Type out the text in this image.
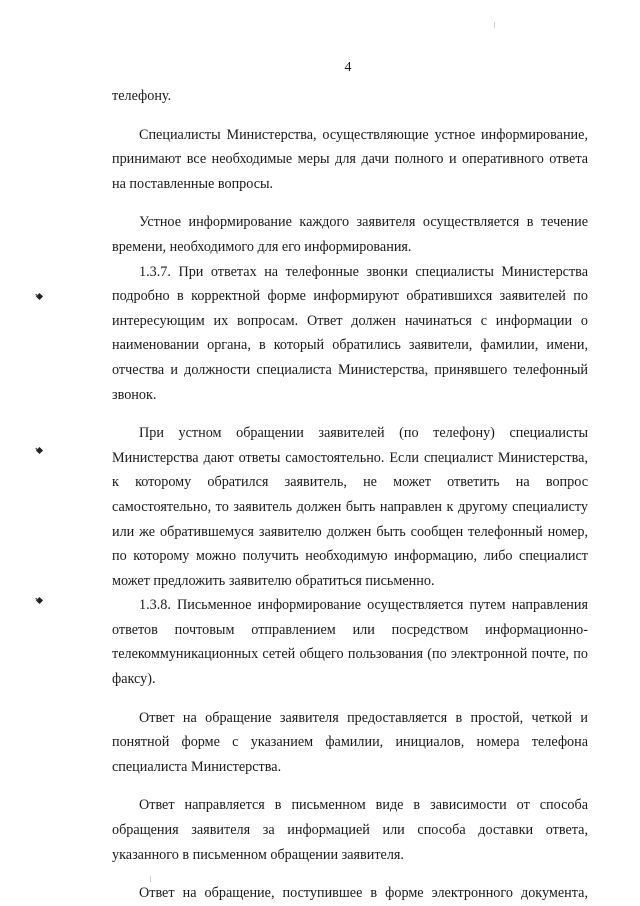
4
телефону.
Специалисты Министерства, осуществляющие устное информирование,
принимают все необходимые меры для дачи полного и оперативного ответа
на поставленные вопросы.
Устное информирование каждого заявителя осуществляется в течение
времени, необходимого для его информирования.
1.3.7. При ответах на телефонные звонки специалисты Министерства
подробно в корректной форме информируют обратившихся заявителей по
интересующим их вопросам. Ответ должен начинаться с информации о
наименовании органа, в который обратились заявители, фамилии, имени,
отчества и должности специалиста Министерства, принявшего телефонный
звонок.
При устном обращении заявителей (по телефону) специалисты
Министерства дают ответы самостоятельно. Если специалист Министерства,
к которому обратился заявитель, не может ответить на вопрос
самостоятельно, то заявитель должен быть направлен к другому специалисту
или же обратившемуся заявителю должен быть сообщен телефонный номер,
по которому можно получить необходимую информацию, либо специалист
может предложить заявителю обратиться письменно.
1.3.8. Письменное информирование осуществляется путем направления
ответов почтовым отправлением или посредством информационно-
телекоммуникационных сетей общего пользования (по электронной почте, по
факсу).
Ответ на обращение заявителя предоставляется в простой, четкой и
понятной форме с указанием фамилии, инициалов, номера телефона
специалиста Министерства.
Ответ направляется в письменном виде в зависимости от способа
обращения заявителя за информацией или способа доставки ответа,
указанного в письменном обращении заявителя.
Ответ на обращение, поступившее в форме электронного документа,
